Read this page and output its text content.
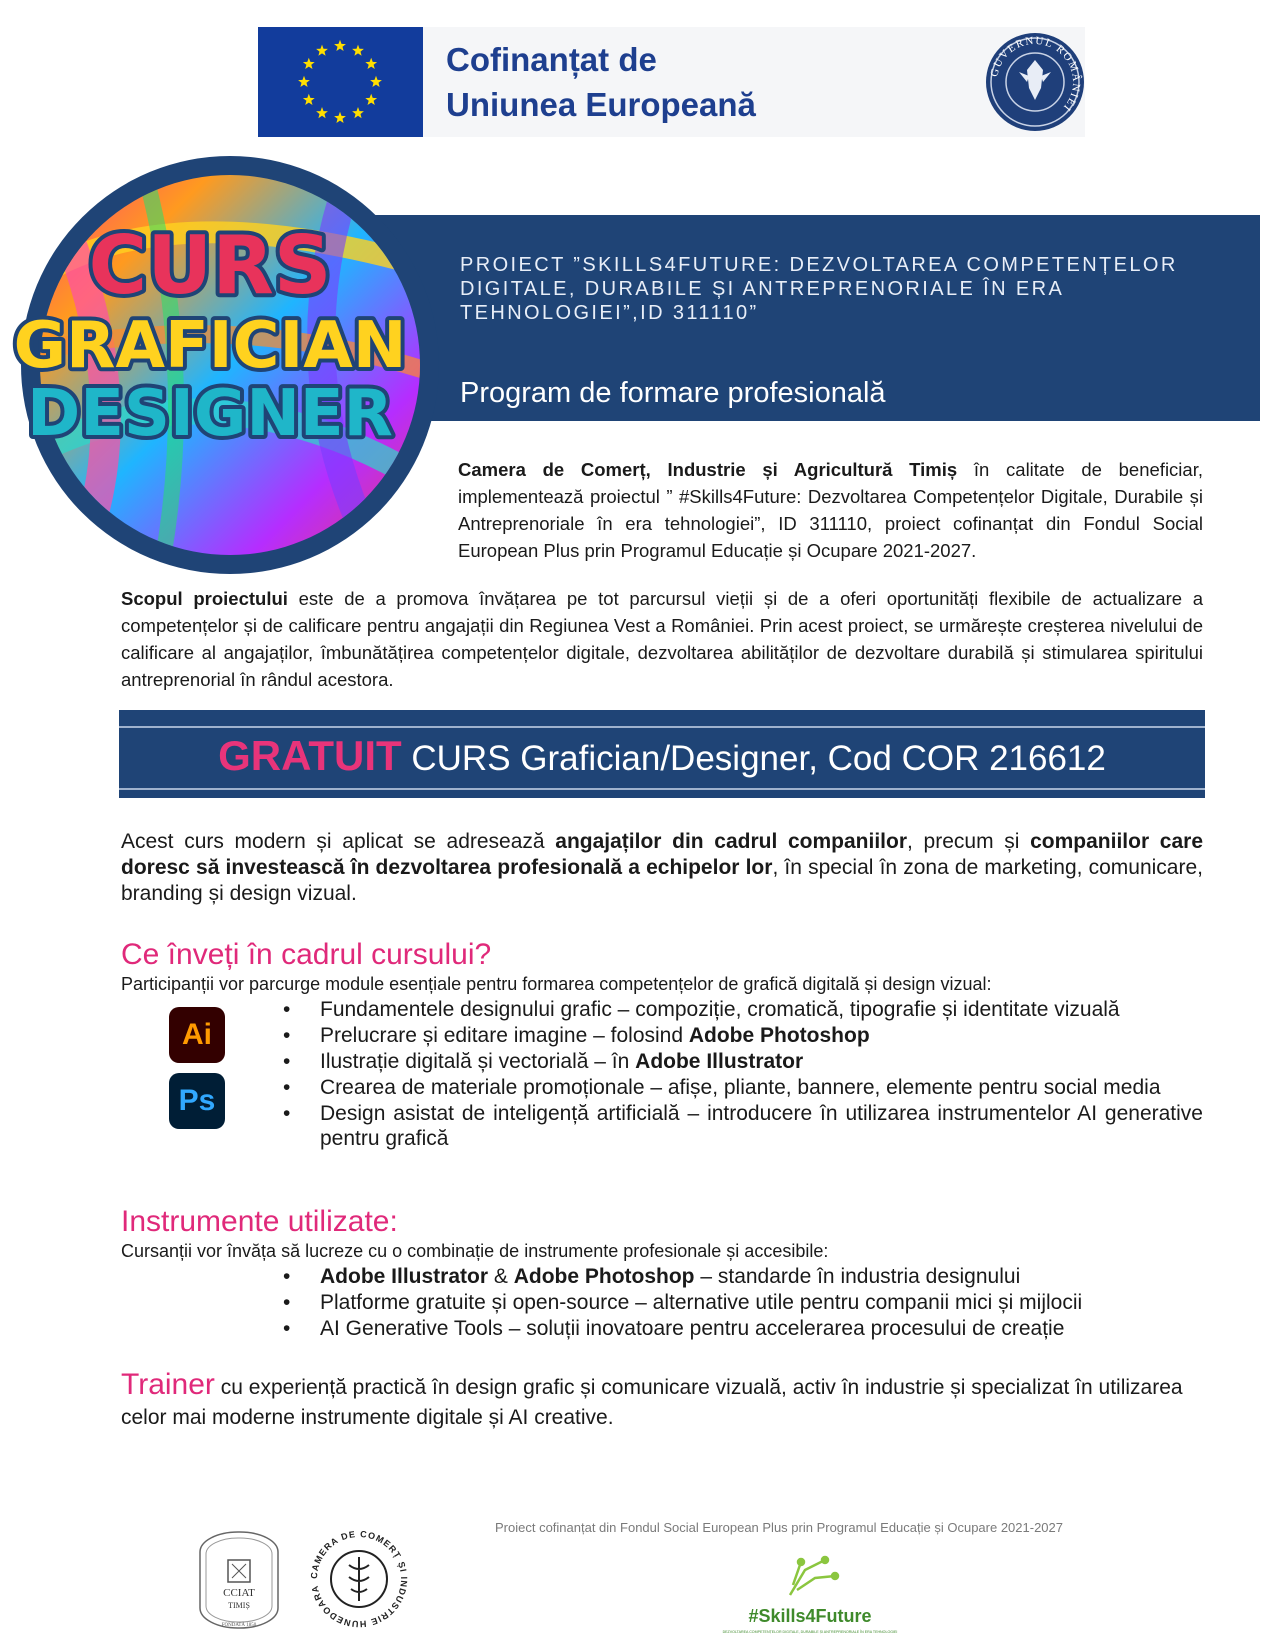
Cofinanțat de
Uniunea Europeană
GUVERNUL ROMÂNIEI
PROIECT ”SKILLS4FUTURE: DEZVOLTAREA COMPETENȚELOR DIGITALE, DURABILE ȘI ANTREPRENORIALE ÎN ERA TEHNOLOGIEI”,ID 311110”
Program de formare profesională
CURS
GRAFICIAN
DESIGNER
Camera de Comerț, Industrie și Agricultură Timiș în calitate de beneficiar, implementează proiectul ” #Skills4Future: Dezvoltarea Competențelor Digitale, Durabile și Antreprenoriale în era tehnologiei”, ID 311110, proiect cofinanțat din Fondul Social European Plus prin Programul Educație și Ocupare 2021-2027.
Scopul proiectului este de a promova învățarea pe tot parcursul vieții și de a oferi oportunități flexibile de actualizare a competențelor și de calificare pentru angajații din Regiunea Vest a României. Prin acest proiect, se urmărește creșterea nivelului de calificare al angajaților, îmbunătățirea competențelor digitale, dezvoltarea abilităților de dezvoltare durabilă și stimularea spiritului antreprenorial în rândul acestora.
GRATUIT CURS Grafician/Designer, Cod COR 216612
Acest curs modern și aplicat se adresează angajaților din cadrul companiilor, precum și companiilor care doresc să investească în dezvoltarea profesională a echipelor lor, în special în zona de marketing, comunicare, branding și design vizual.
Ce înveți în cadrul cursului?
Participanții vor parcurge module esențiale pentru formarea competențelor de grafică digitală și design vizual:
Ai
Ps
• Fundamentele designului grafic – compoziție, cromatică, tipografie și identitate vizuală
• Prelucrare și editare imagine – folosind Adobe Photoshop
• Ilustrație digitală și vectorială – în Adobe Illustrator
• Crearea de materiale promoționale – afișe, pliante, bannere, elemente pentru social media
• Design asistat de inteligență artificială – introducere în utilizarea instrumentelor AI generative pentru grafică
Instrumente utilizate:
Cursanții vor învăța să lucreze cu o combinație de instrumente profesionale și accesibile:
• Adobe Illustrator & Adobe Photoshop – standarde în industria designului
• Platforme gratuite și open-source – alternative utile pentru companii mici și mijlocii
• AI Generative Tools – soluții inovatoare pentru accelerarea procesului de creație
Trainer cu experiență practică în design grafic și comunicare vizuală, activ în industrie și specializat în utilizarea celor mai moderne instrumente digitale și AI creative.
Proiect cofinanțat din Fondul Social European Plus prin Programul Educație și Ocupare 2021-2027
CCIAT
TIMIȘ
FONDATĂ 1850
CAMERA DE COMERȚ ȘI INDUSTRIE HUNEDOARA
#Skills4Future
DEZVOLTAREA COMPETENȚELOR DIGITALE, DURABILE ȘI ANTREPRENORIALE ÎN ERA TEHNOLOGIEI
